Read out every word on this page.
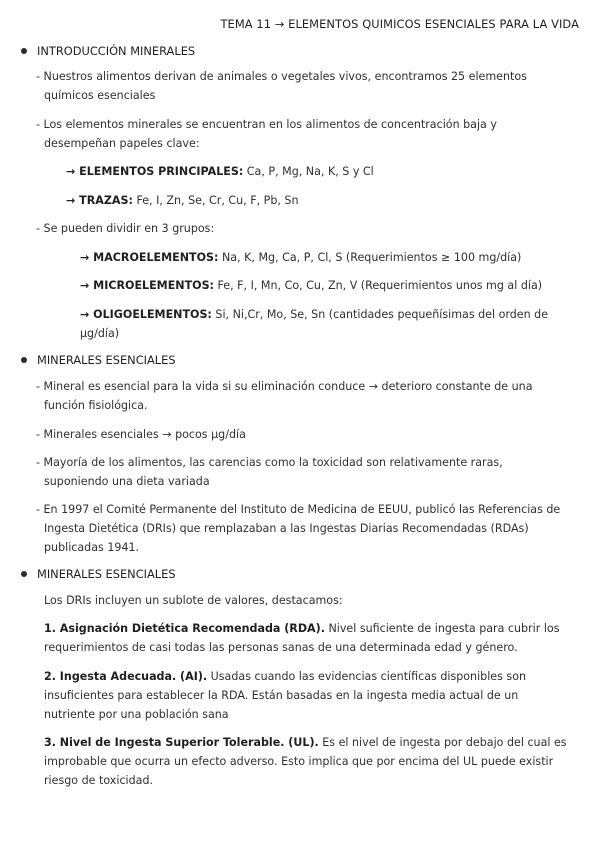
TEMA 11 → ELEMENTOS QUIMICOS ESENCIALES PARA LA VIDA
INTRODUCCIÓN MINERALES
- Nuestros alimentos derivan de animales o vegetales vivos, encontramos 25 elementos
químicos esenciales
- Los elementos minerales se encuentran en los alimentos de concentración baja y
desempeñan papeles clave:
→ ELEMENTOS PRINCIPALES: Ca, P, Mg, Na, K, S y Cl
→ TRAZAS: Fe, I, Zn, Se, Cr, Cu, F, Pb, Sn
- Se pueden dividir en 3 grupos:
→ MACROELEMENTOS: Na, K, Mg, Ca, P, Cl, S (Requerimientos ≥ 100 mg/día)
→ MICROELEMENTOS: Fe, F, I, Mn, Co, Cu, Zn, V (Requerimientos unos mg al día)
→ OLIGOELEMENTOS: Si, Ni,Cr, Mo, Se, Sn (cantidades pequeñísimas del orden de
µg/día)
MINERALES ESENCIALES
- Mineral es esencial para la vida si su eliminación conduce → deterioro constante de una
función fisiológica.
- Minerales esenciales → pocos µg/día
- Mayoría de los alimentos, las carencias como la toxicidad son relativamente raras,
suponiendo una dieta variada
- En 1997 el Comité Permanente del Instituto de Medicina de EEUU, publicó las Referencias de
Ingesta Dietética (DRIs) que remplazaban a las Ingestas Diarias Recomendadas (RDAs)
publicadas 1941.
MINERALES ESENCIALES
Los DRIs incluyen un sublote de valores, destacamos:
1. Asignación Dietética Recomendada (RDA). Nivel suficiente de ingesta para cubrir los
requerimientos de casi todas las personas sanas de una determinada edad y género.
2. Ingesta Adecuada. (AI). Usadas cuando las evidencias científicas disponibles son
insuficientes para establecer la RDA. Están basadas en la ingesta media actual de un
nutriente por una población sana
3. Nivel de Ingesta Superior Tolerable. (UL). Es el nivel de ingesta por debajo del cual es
improbable que ocurra un efecto adverso. Esto implica que por encima del UL puede existir
riesgo de toxicidad.
